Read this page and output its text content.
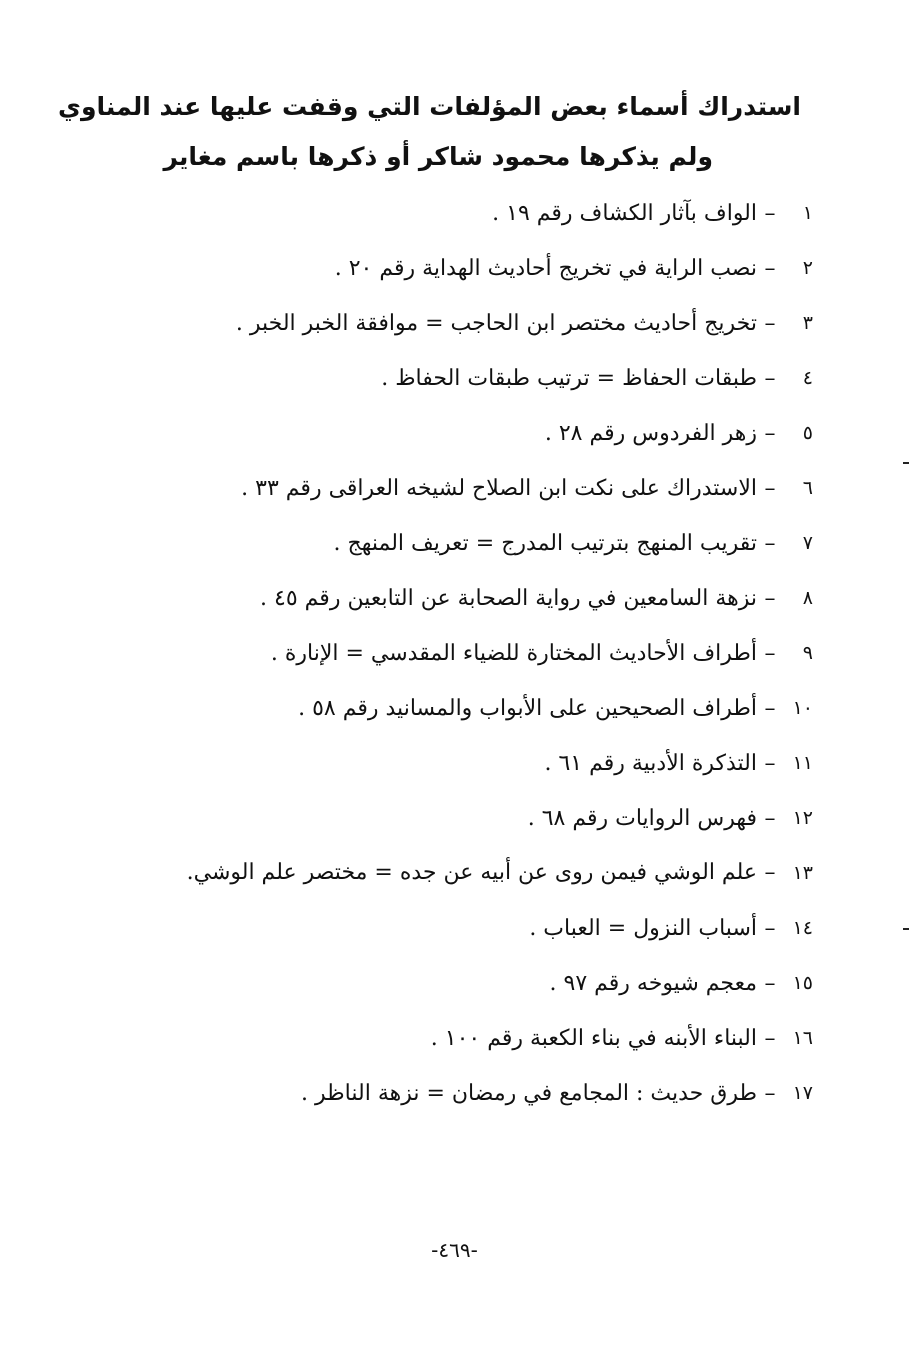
استدراك أسماء بعض المؤلفات التي وقفت عليها عند المناوي
ولم يذكرها محمود شاكر أو ذكرها باسم مغاير
١
–
الواف بآثار الكشاف رقم ١٩ .
٢
–
نصب الراية في تخريج أحاديث الهداية رقم ٢٠ .
٣
–
تخريج أحاديث مختصر ابن الحاجب = موافقة الخبر الخبر .
٤
–
طبقات الحفاظ = ترتيب طبقات الحفاظ .
٥
–
زهر الفردوس رقم ٢٨ .
٦
–
الاستدراك على نكت ابن الصلاح لشيخه العراقى رقم ٣٣ .
٧
–
تقريب المنهج بترتيب المدرج = تعريف المنهج .
٨
–
نزهة السامعين في رواية الصحابة عن التابعين رقم ٤٥ .
٩
–
أطراف الأحاديث المختارة للضياء المقدسي = الإنارة .
١٠
–
أطراف الصحيحين على الأبواب والمسانيد رقم ٥٨ .
١١
–
التذكرة الأدبية رقم ٦١ .
١٢
–
فهرس الروايات رقم ٦٨ .
١٣
–
علم الوشي فيمن روى عن أبيه عن جده = مختصر علم الوشي.
١٤
–
أسباب النزول = العباب .
١٥
–
معجم شيوخه رقم ٩٧ .
١٦
–
البناء الأبنه في بناء الكعبة رقم ١٠٠ .
١٧
–
طرق حديث : المجامع في رمضان = نزهة الناظر .
-٤٦٩-
